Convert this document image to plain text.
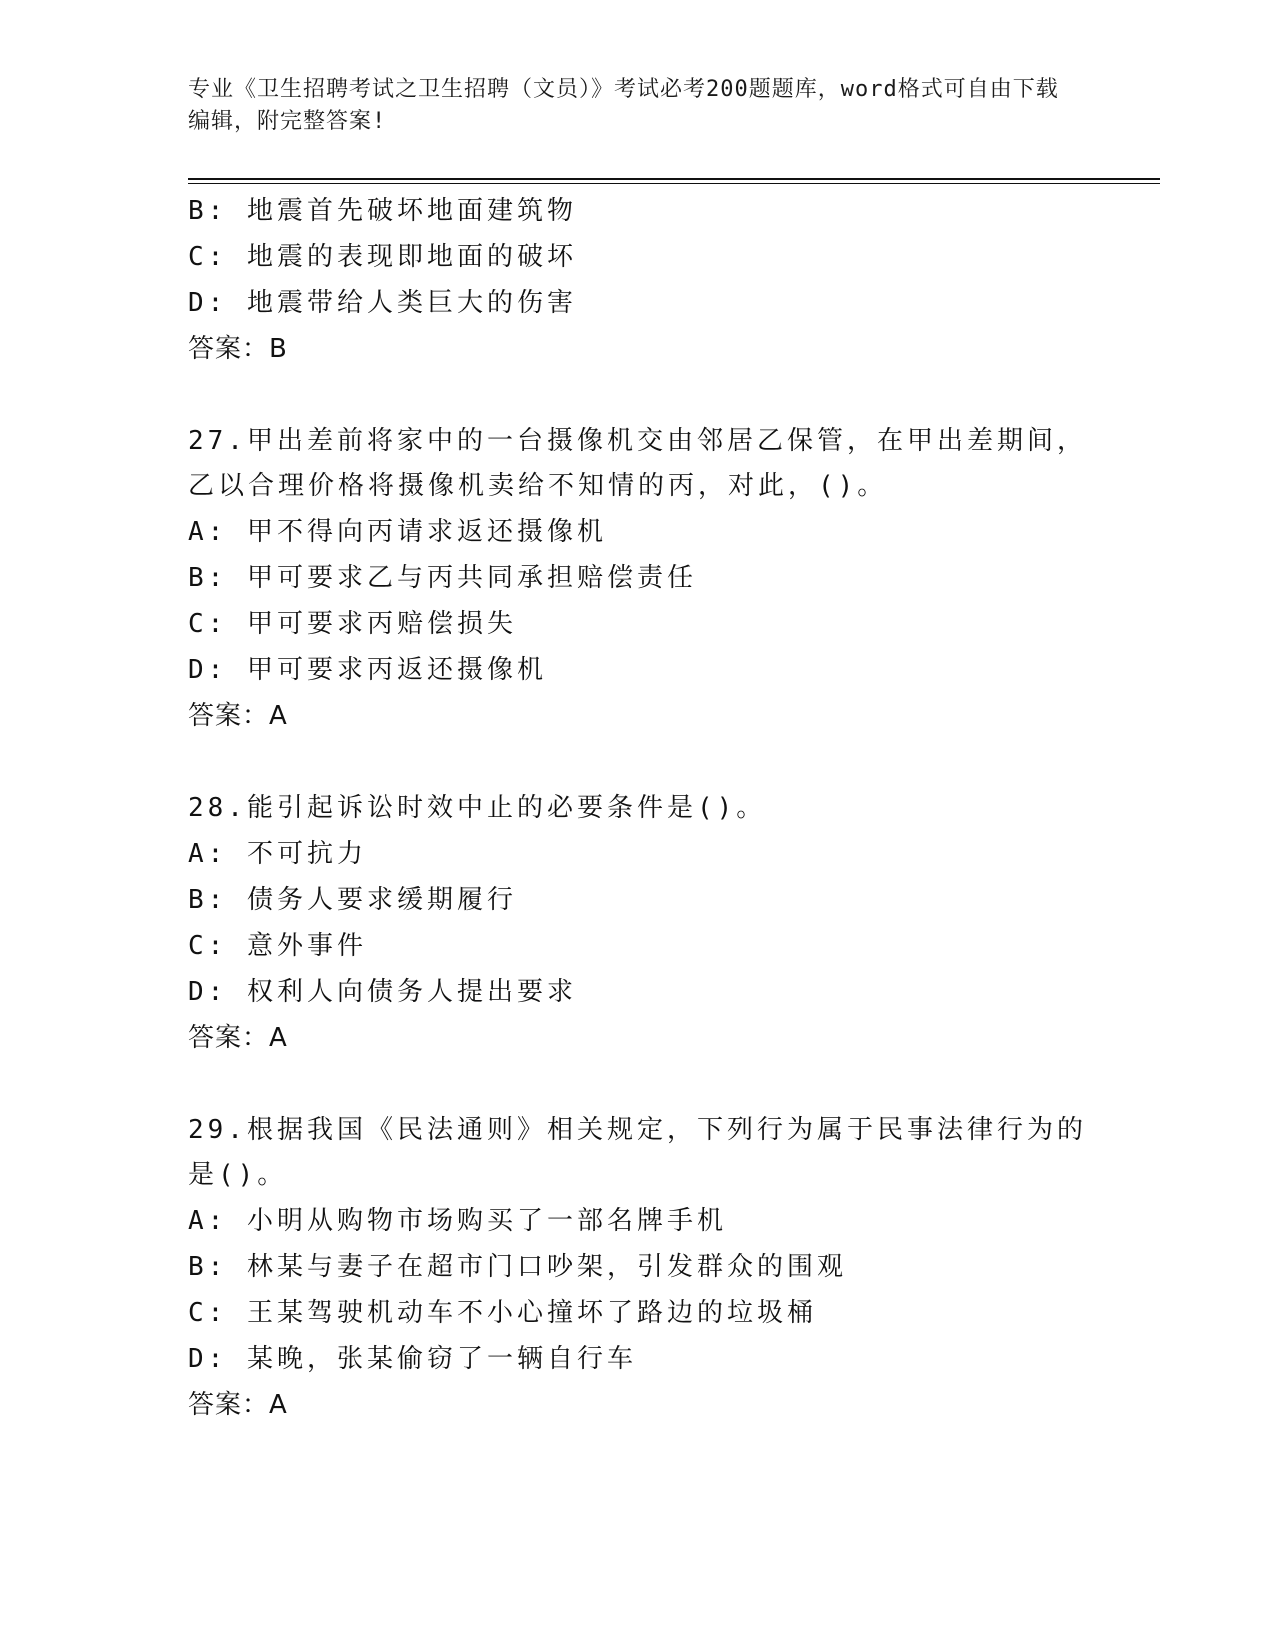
专业《卫生招聘考试之卫生招聘（文员）》考试必考200题题库，word格式可自由下载编辑，附完整答案!
B: 地震首先破坏地面建筑物
C: 地震的表现即地面的破坏
D: 地震带给人类巨大的伤害
答案：B
27.甲出差前将家中的一台摄像机交由邻居乙保管，在甲出差期间，乙以合理价格将摄像机卖给不知情的丙，对此，()。
A: 甲不得向丙请求返还摄像机
B: 甲可要求乙与丙共同承担赔偿责任
C: 甲可要求丙赔偿损失
D: 甲可要求丙返还摄像机
答案：A
28.能引起诉讼时效中止的必要条件是()。
A: 不可抗力
B: 债务人要求缓期履行
C: 意外事件
D: 权利人向债务人提出要求
答案：A
29.根据我国《民法通则》相关规定，下列行为属于民事法律行为的是()。
A: 小明从购物市场购买了一部名牌手机
B: 林某与妻子在超市门口吵架，引发群众的围观
C: 王某驾驶机动车不小心撞坏了路边的垃圾桶
D: 某晚，张某偷窃了一辆自行车
答案：A
